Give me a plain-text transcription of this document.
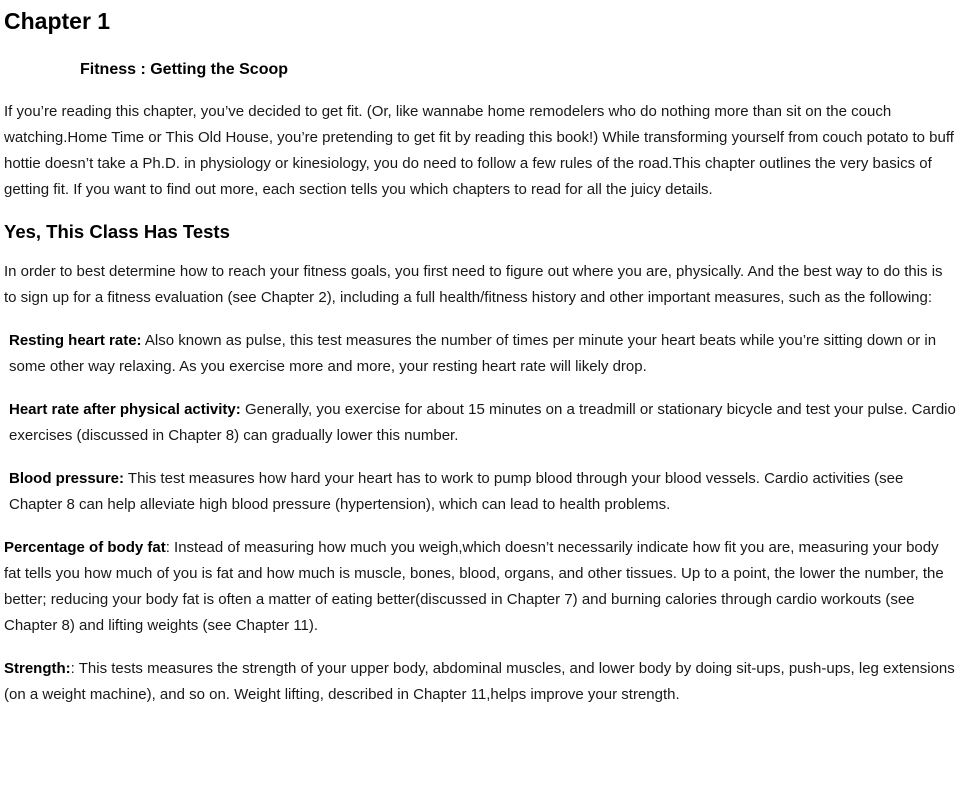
Chapter 1
Fitness : Getting the Scoop

If you’re reading this chapter, you’ve decided to get fit. (Or, like wannabe home remodelers who do nothing more than sit on the couch watching.Home Time or This Old House, you’re pretending to get fit by reading this book!) While transforming yourself from couch potato to buff hottie doesn’t take a Ph.D. in physiology or kinesiology, you do need to follow a few rules of the road.This chapter outlines the very basics of getting fit. If you want to find out more, each section tells you which chapters to read for all the juicy details.

Yes, This Class Has Tests

In order to best determine how to reach your fitness goals, you first need to figure out where you are, physically. And the best way to do this is to sign up for a fitness evaluation (see Chapter 2), including a full health/fitness history and other important measures, such as the following:

Resting heart rate: Also known as pulse, this test measures the number of times per minute your heart beats while you’re sitting down or in some other way relaxing. As you exercise more and more, your resting heart rate will likely drop.

Heart rate after physical activity: Generally, you exercise for about 15 minutes on a treadmill or stationary bicycle and test your pulse. Cardio exercises (discussed in Chapter 8) can gradually lower this number.

Blood pressure: This test measures how hard your heart has to work to pump blood through your blood vessels. Cardio activities (see Chapter 8 can help alleviate high blood pressure (hypertension), which can lead to health problems.

Percentage of body fat: Instead of measuring how much you weigh,which doesn’t necessarily indicate how fit you are, measuring your body fat tells you how much of you is fat and how much is muscle, bones, blood, organs, and other tissues. Up to a point, the lower the number, the better; reducing your body fat is often a matter of eating better(discussed in Chapter 7) and burning calories through cardio workouts (see Chapter 8) and lifting weights (see Chapter 11).

Strength:: This tests measures the strength of your upper body, abdominal muscles, and lower body by doing sit-ups, push-ups, leg extensions (on a weight machine), and so on. Weight lifting, described in Chapter 11,helps improve your strength.
